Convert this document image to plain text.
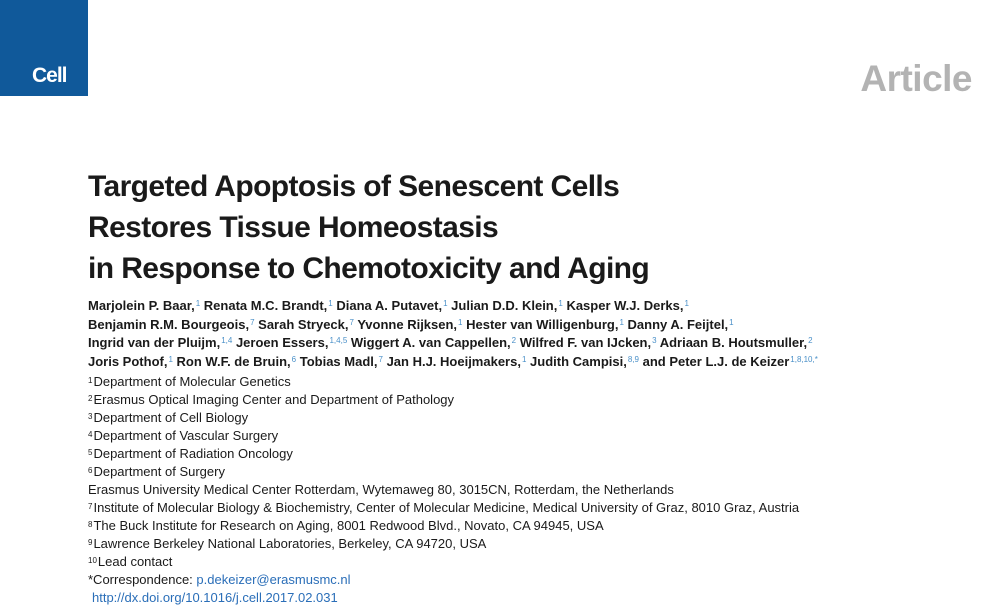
Cell	Article
Targeted Apoptosis of Senescent Cells
Restores Tissue Homeostasis
in Response to Chemotoxicity and Aging
Marjolein P. Baar,$^1$ Renata M.C. Brandt,$^1$ Diana A. Putavet,$^1$ Julian D.D. Klein,$^1$ Kasper W.J. Derks,$^1$
Benjamin R.M. Bourgeois,$^7$ Sarah Stryeck,$^7$ Yvonne Rijksen,$^1$ Hester van Willigenburg,$^1$ Danny A. Feijtel,$^1$
Ingrid van der Pluijm,$^{1,4}$ Jeroen Essers,$^{1,4,5}$ Wiggert A. van Cappellen,$^2$ Wilfred F. van IJcken,$^3$ Adriaan B. Houtsmuller,$^2$
Joris Pothof,$^1$ Ron W.F. de Bruin,$^6$ Tobias Madl,$^7$ Jan H.J. Hoeijmakers,$^1$ Judith Campisi,$^{8,9}$ and Peter L.J. de Keizer$^{1,8,10,*}$
$^1$Department of Molecular Genetics
$^2$Erasmus Optical Imaging Center and Department of Pathology
$^3$Department of Cell Biology
$^4$Department of Vascular Surgery
$^5$Department of Radiation Oncology
$^6$Department of Surgery
Erasmus University Medical Center Rotterdam, Wytemaweg 80, 3015CN, Rotterdam, the Netherlands
$^7$Institute of Molecular Biology & Biochemistry, Center of Molecular Medicine, Medical University of Graz, 8010 Graz, Austria
$^8$The Buck Institute for Research on Aging, 8001 Redwood Blvd., Novato, CA 94945, USA
$^9$Lawrence Berkeley National Laboratories, Berkeley, CA 94720, USA
$^{10}$Lead contact
*Correspondence: p.dekeizer@erasmusmc.nl
http://dx.doi.org/10.1016/j.cell.2017.02.031
